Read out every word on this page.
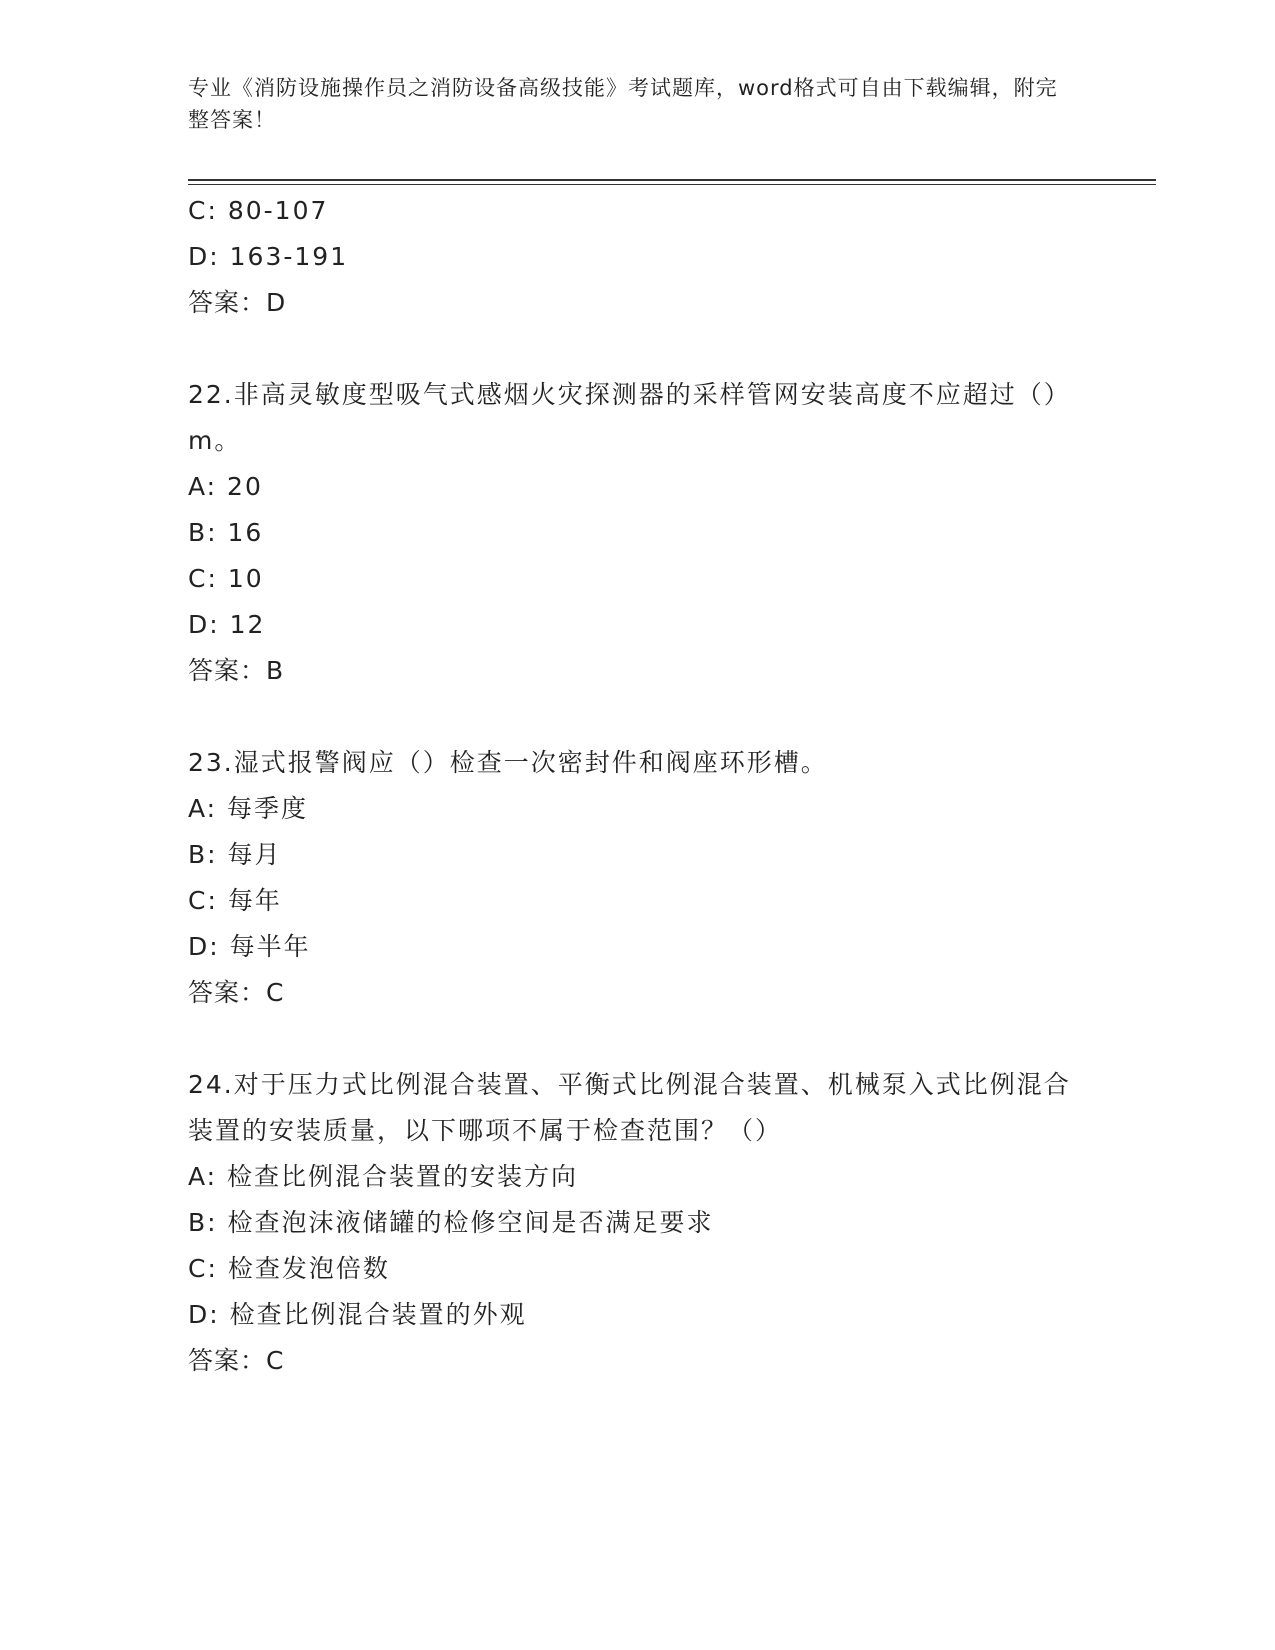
专业《消防设施操作员之消防设备高级技能》考试题库，word格式可自由下载编辑，附完整答案！
C: 80-107
D: 163-191
答案：D
22.非高灵敏度型吸气式感烟火灾探测器的采样管网安装高度不应超过（）m。
A: 20
B: 16
C: 10
D: 12
答案：B
23.湿式报警阀应（）检查一次密封件和阀座环形槽。
A: 每季度
B: 每月
C: 每年
D: 每半年
答案：C
24.对于压力式比例混合装置、平衡式比例混合装置、机械泵入式比例混合装置的安装质量，以下哪项不属于检查范围？（）
A: 检查比例混合装置的安装方向
B: 检查泡沫液储罐的检修空间是否满足要求
C: 检查发泡倍数
D: 检查比例混合装置的外观
答案：C
